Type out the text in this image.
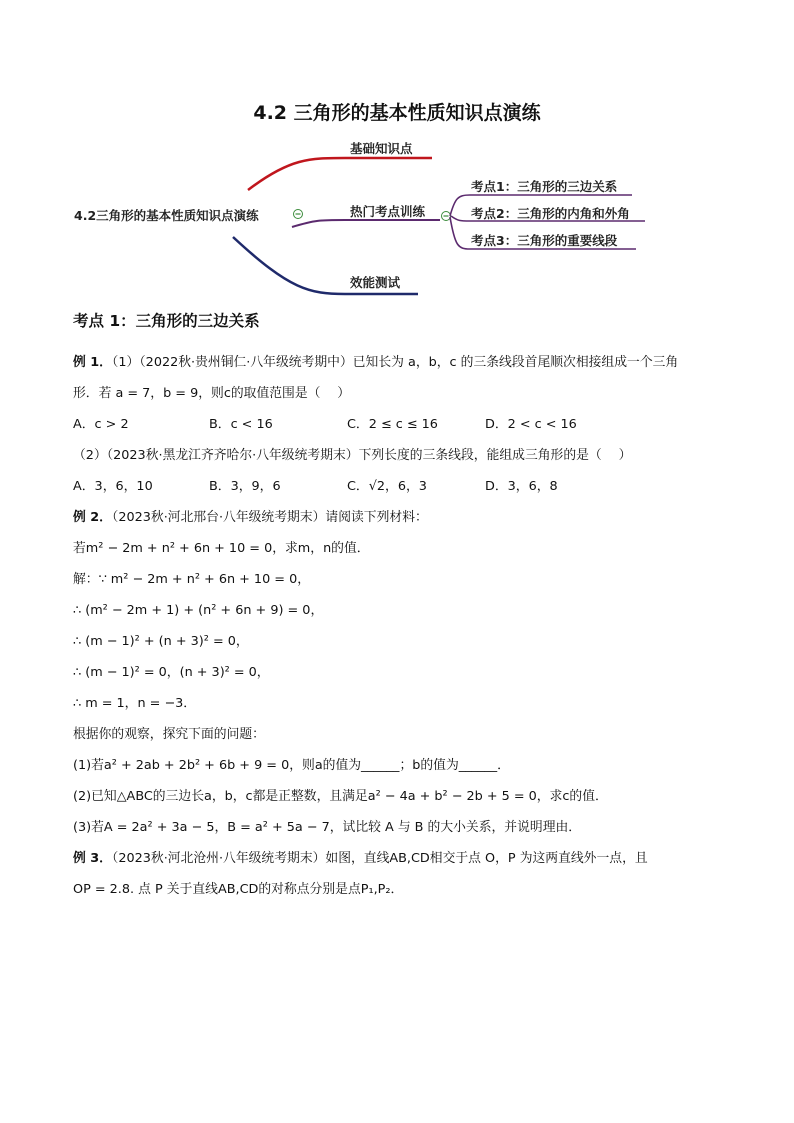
4.2 三角形的基本性质知识点演练
4.2三角形的基本性质知识点演练
基础知识点
热门考点训练
效能测试
考点1：三角形的三边关系
考点2：三角形的内角和外角
考点3：三角形的重要线段
考点 1：三角形的三边关系

例 1．（1）（2022秋·贵州铜仁·八年级统考期中）已知长为 a，b，c 的三条线段首尾顺次相接组成一个三角

形．若 a = 7，b = 9，则c的取值范围是（　 ）

A．c > 2	B．c < 16	C．2 ≤ c ≤ 16	D．2 < c < 16

（2）（2023秋·黑龙江齐齐哈尔·八年级统考期末）下列长度的三条线段，能组成三角形的是（　 ）

A．3，6，10	B．3，9，6	C．√2，6，3	D．3，6，8

例 2．（2023秋·河北邢台·八年级统考期末）请阅读下列材料：

若m² − 2m + n² + 6n + 10 = 0，求m，n的值．

解：∵ m² − 2m + n² + 6n + 10 = 0，

∴ (m² − 2m + 1) + (n² + 6n + 9) = 0，

∴ (m − 1)² + (n + 3)² = 0，

∴ (m − 1)² = 0，(n + 3)² = 0，

∴ m = 1，n = −3．

根据你的观察，探究下面的问题：

(1)若a² + 2ab + 2b² + 6b + 9 = 0，则a的值为______；b的值为______．

(2)已知△ABC的三边长a，b，c都是正整数，且满足a² − 4a + b² − 2b + 5 = 0，求c的值．

(3)若A = 2a² + 3a − 5，B = a² + 5a − 7，试比较 A 与 B 的大小关系，并说明理由．

例 3．（2023秋·河北沧州·八年级统考期末）如图，直线AB,CD相交于点 O，P 为这两直线外一点，且

OP = 2.8. 点 P 关于直线AB,CD的对称点分别是点P₁,P₂．
